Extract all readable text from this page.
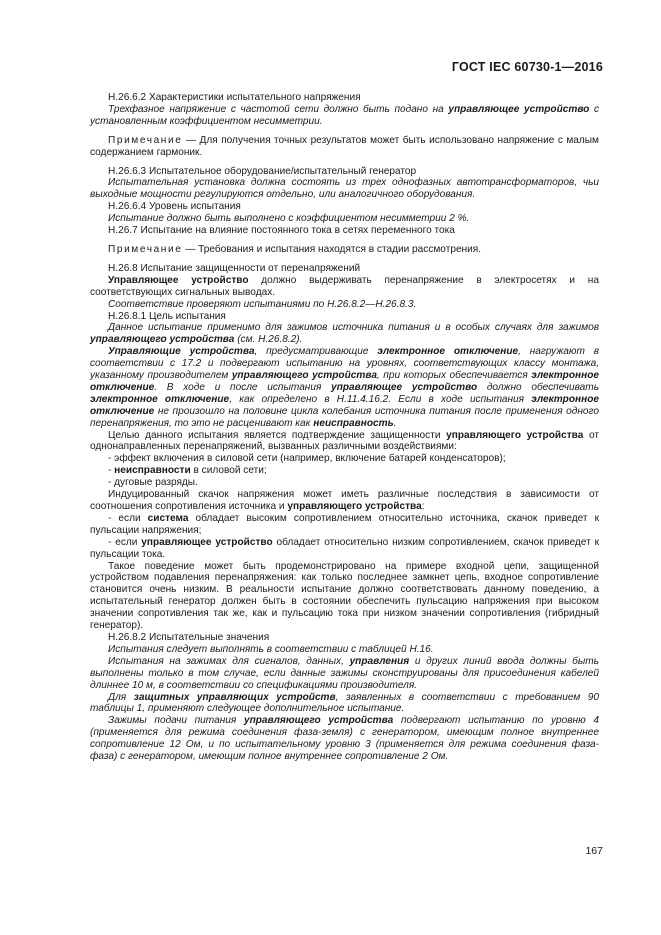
ГОСТ IEC 60730-1—2016

H.26.6.2 Характеристики испытательного напряжения

Трехфазное напряжение с частотой сети должно быть подано на управляющее устройство с установленным коэффициентом несимметрии.

Примечание — Для получения точных результатов может быть использовано напряжение с малым содержанием гармоник.

H.26.6.3 Испытательное оборудование/испытательный генератор

Испытательная установка должна состоять из трех однофазных автотрансформаторов, чьи выходные мощности регулируются отдельно, или аналогичного оборудования.

H.26.6.4 Уровень испытания

Испытание должно быть выполнено с коэффициентом несимметрии 2 %.

H.26.7 Испытание на влияние постоянного тока в сетях переменного тока

Примечание — Требования и испытания находятся в стадии рассмотрения.

H.26.8 Испытание защищенности от перенапряжений

Управляющее устройство должно выдерживать перенапряжение в электросетях и на соответствующих сигнальных выводах.

Соответствие проверяют испытаниями по H.26.8.2—H.26.8.3.

H.26.8.1 Цель испытания

Данное испытание применимо для зажимов источника питания и в особых случаях для зажимов управляющего устройства (см. H.26.8.2).

Управляющие устройства, предусматривающие электронное отключение, нагружают в соответствии с 17.2 и подвергают испытанию на уровнях, соответствующих классу монтажа, указанному производителем управляющего устройства, при которых обеспечивается электронное отключение. В ходе и после испытания управляющее устройство должно обеспечивать электронное отключение, как определено в H.11.4.16.2. Если в ходе испытания электронное отключение не произошло на половине цикла колебания источника питания после применения одного перенапряжения, то это не расценивают как неисправность.

Целью данного испытания является подтверждение защищенности управляющего устройства от однонаправленных перенапряжений, вызванных различными воздействиями:

- эффект включения в силовой сети (например, включение батарей конденсаторов);

- неисправности в силовой сети;

- дуговые разряды.

Индуцированный скачок напряжения может иметь различные последствия в зависимости от соотношения сопротивления источника и управляющего устройства:

- если система обладает высоким сопротивлением относительно источника, скачок приведет к пульсации напряжения;

- если управляющее устройство обладает относительно низким сопротивлением, скачок приведет к пульсации тока.

Такое поведение может быть продемонстрировано на примере входной цепи, защищенной устройством подавления перенапряжения: как только последнее замкнет цепь, входное сопротивление становится очень низким. В реальности испытание должно соответствовать данному поведению, а испытательный генератор должен быть в состоянии обеспечить пульсацию напряжения при высоком значении сопротивления так же, как и пульсацию тока при низком значении сопротивления (гибридный генератор).

H.26.8.2 Испытательные значения

Испытания следует выполнять в соответствии с таблицей H.16.

Испытания на зажимах для сигналов, данных, управления и других линий ввода должны быть выполнены только в том случае, если данные зажимы сконструированы для присоединения кабелей длиннее 10 м, в соответствии со спецификациями производителя.

Для защитных управляющих устройств, заявленных в соответствии с требованием 90 таблицы 1, применяют следующее дополнительное испытание.

Зажимы подачи питания управляющего устройства подвергают испытанию по уровню 4 (применяется для режима соединения фаза-земля) с генератором, имеющим полное внутреннее сопротивление 12 Ом, и по испытательному уровню 3 (применяется для режима соединения фаза-фаза) с генератором, имеющим полное внутреннее сопротивление 2 Ом.

167
